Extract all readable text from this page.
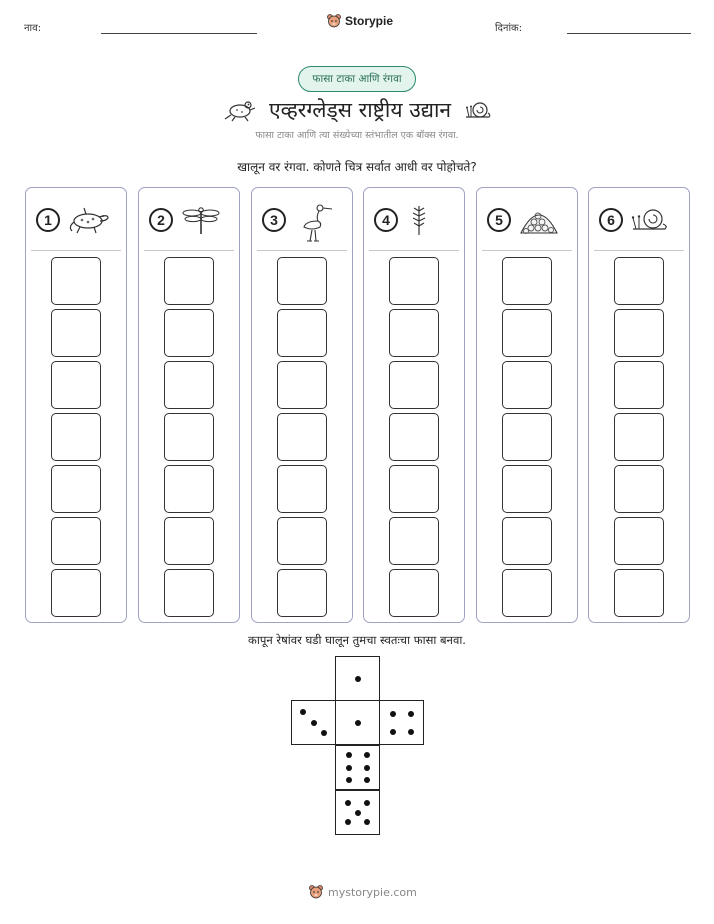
नाव:
Storypie
दिनांक:
फासा टाका आणि रंगवा
एव्हरग्लेड्स राष्ट्रीय उद्यान
फासा टाका आणि त्या संख्येच्या स्तंभातील एक बॉक्स रंगवा.
खालून वर रंगवा. कोणते चित्र सर्वात आधी वर पोहोचते?
1	2	3	4	5	6
कापून रेषांवर घडी घालून तुमचा स्वतःचा फासा बनवा.
mystorypie.com
